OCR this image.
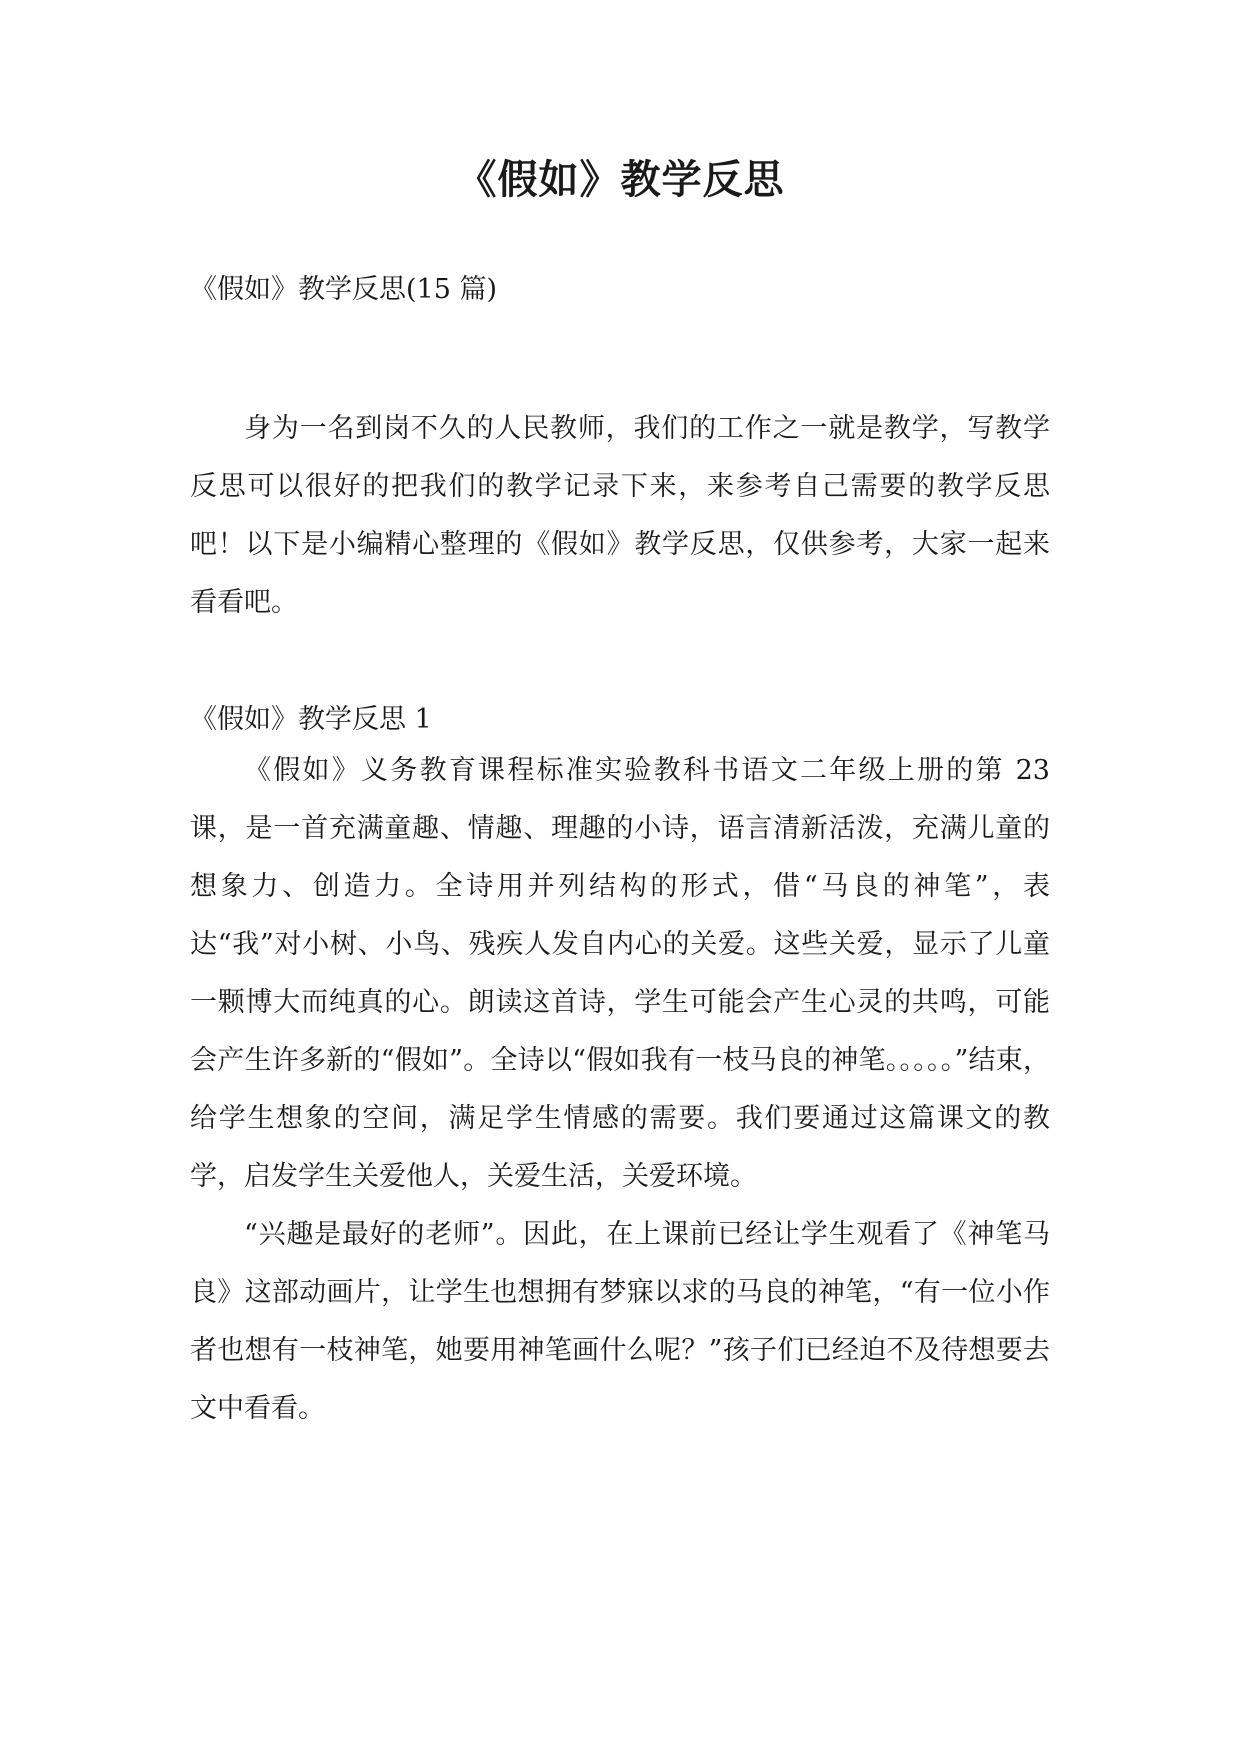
《假如》教学反思
《假如》教学反思(15 篇)

身为一名到岗不久的人民教师，我们的工作之一就是教学，写教学反思可以很好的把我们的教学记录下来，来参考自己需要的教学反思吧！以下是小编精心整理的《假如》教学反思，仅供参考，大家一起来看看吧。

《假如》教学反思 1

《假如》义务教育课程标准实验教科书语文二年级上册的第 23 课，是一首充满童趣、情趣、理趣的小诗，语言清新活泼，充满儿童的想象力、创造力。全诗用并列结构的形式，借“马良的神笔”，表达“我”对小树、小鸟、残疾人发自内心的关爱。这些关爱，显示了儿童一颗博大而纯真的心。朗读这首诗，学生可能会产生心灵的共鸣，可能会产生许多新的“假如”。全诗以“假如我有一枝马良的神笔。。。。。”结束，给学生想象的空间，满足学生情感的需要。我们要通过这篇课文的教学，启发学生关爱他人，关爱生活，关爱环境。

“兴趣是最好的老师”。因此，在上课前已经让学生观看了《神笔马良》这部动画片，让学生也想拥有梦寐以求的马良的神笔，“有一位小作者也想有一枝神笔，她要用神笔画什么呢？”孩子们已经迫不及待想要去文中看看。
